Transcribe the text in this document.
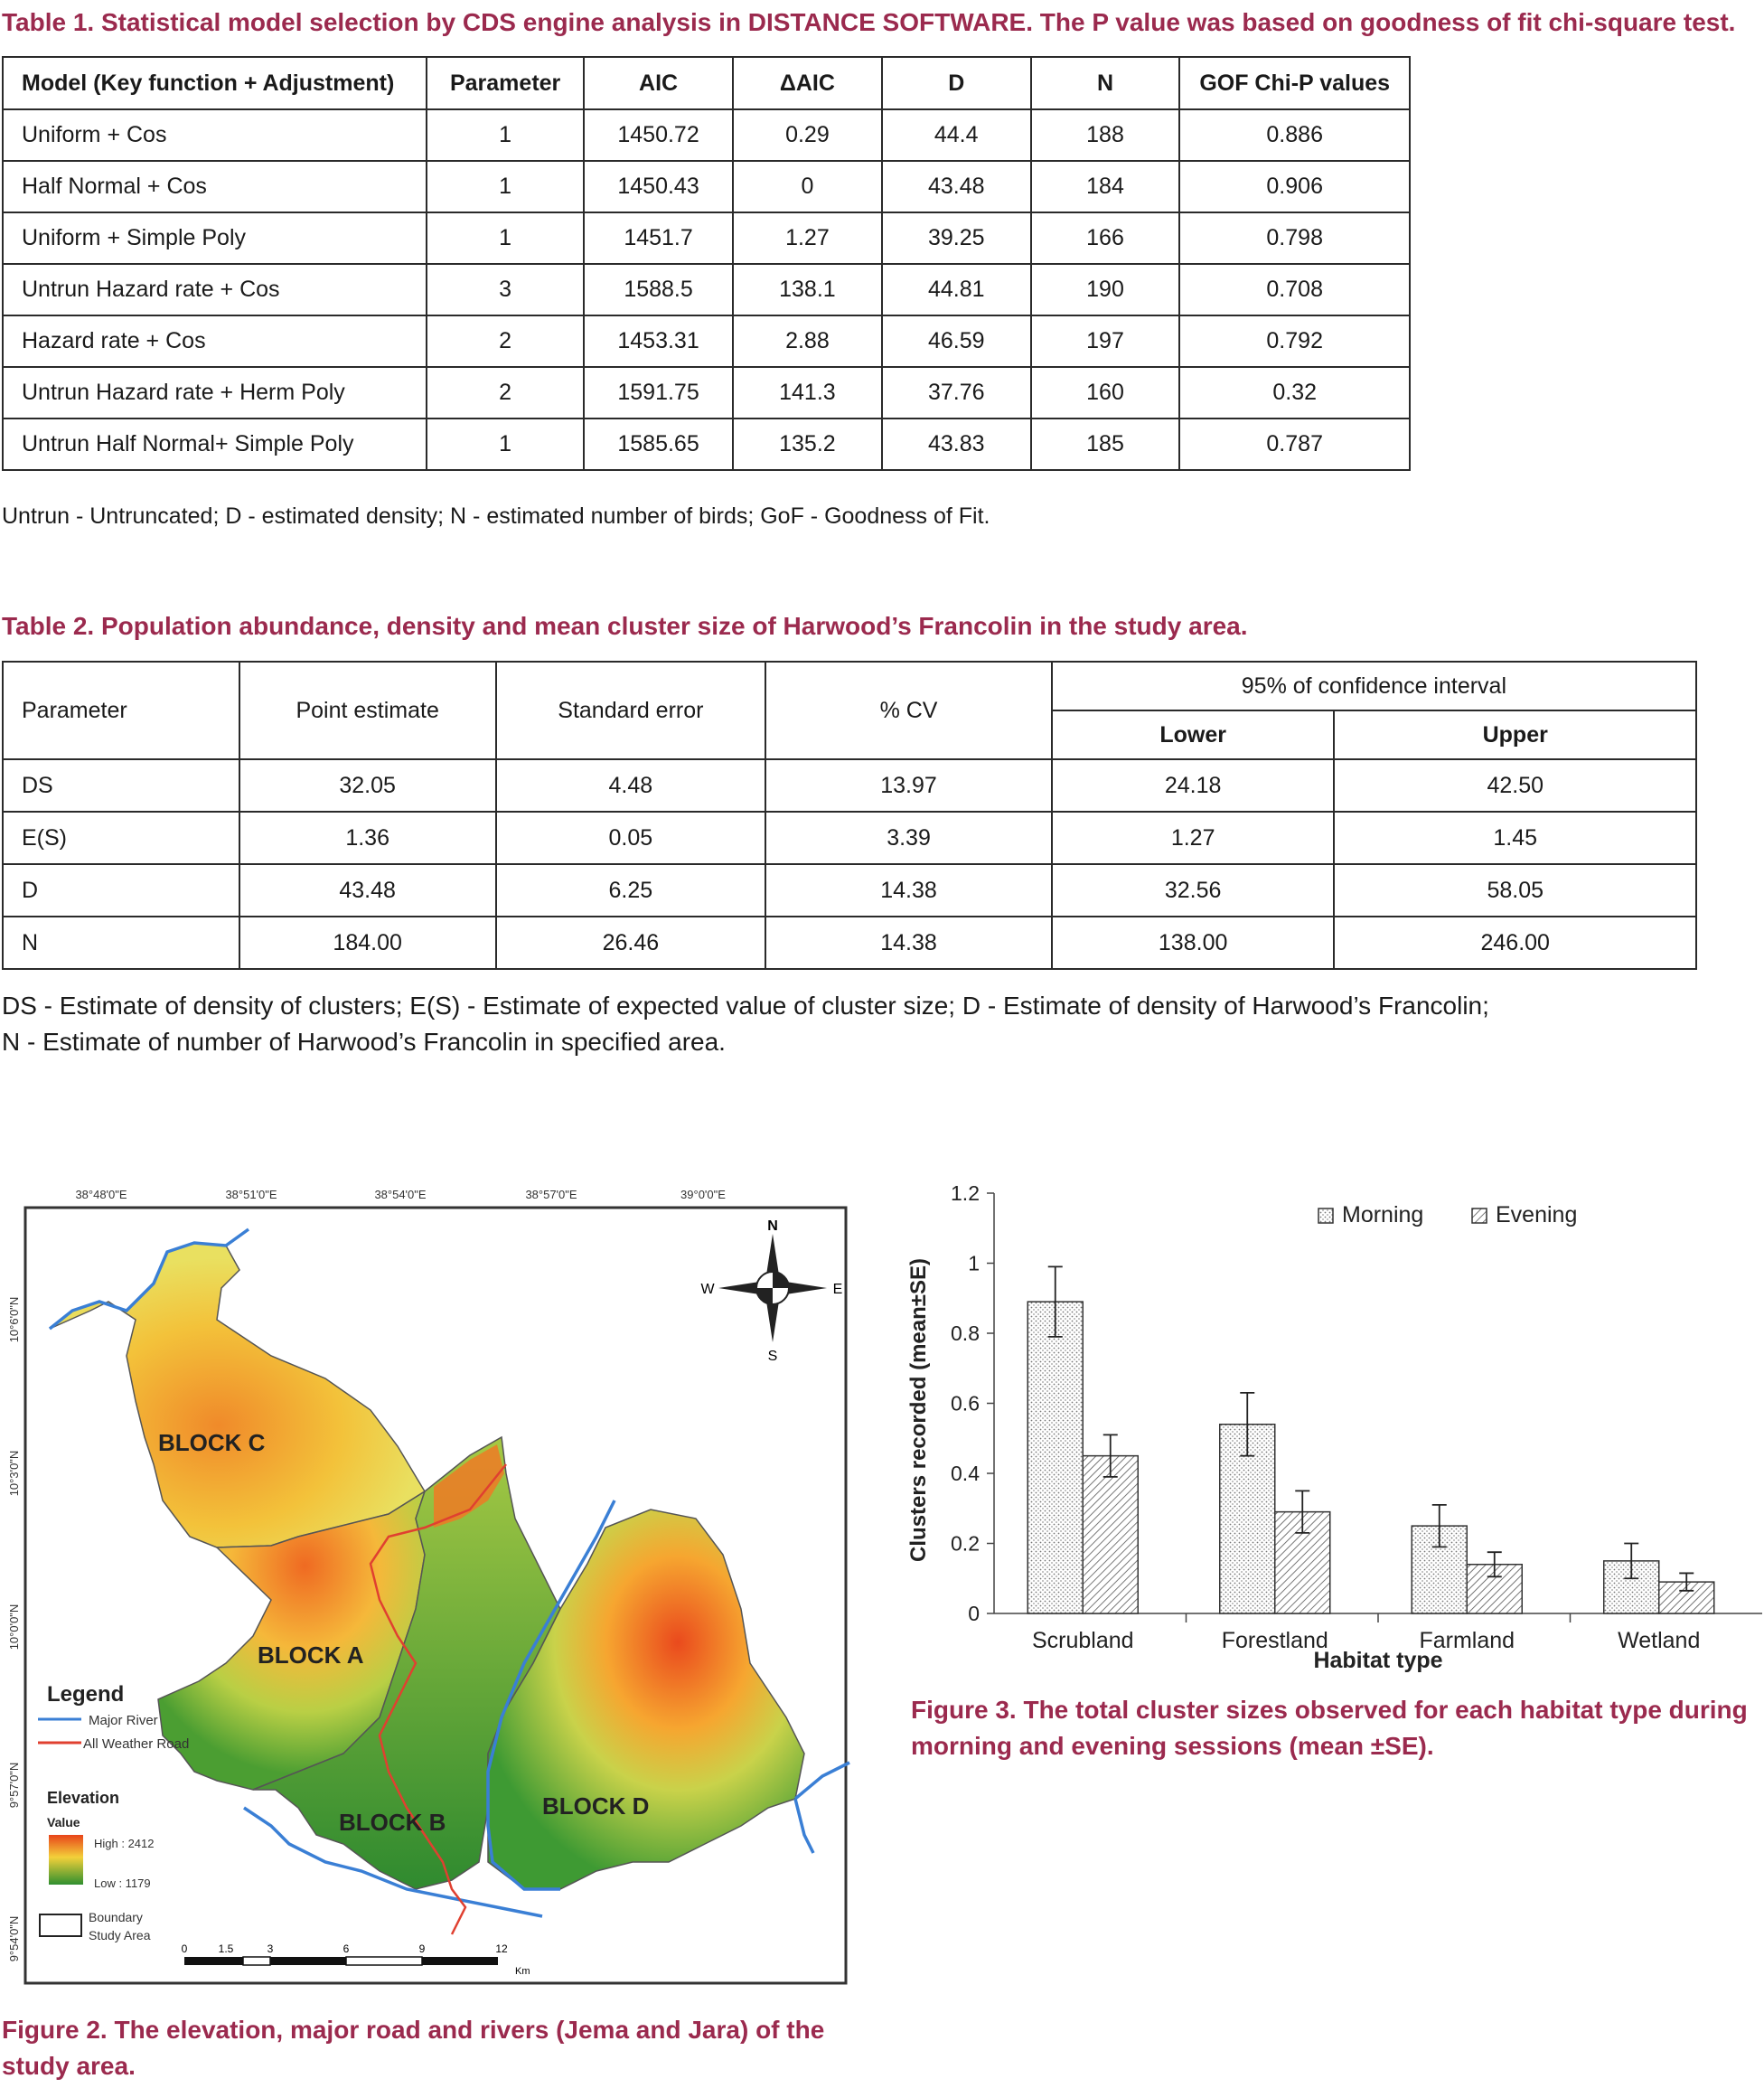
Table 1. Statistical model selection by CDS engine analysis in DISTANCE SOFTWARE. The P value was based on goodness of fit chi-square test.
Model (Key function + Adjustment)	Parameter	AIC	ΔAIC	D	N	GOF Chi-P values
Uniform + Cos	1	1450.72	0.29	44.4	188	0.886
Half Normal + Cos	1	1450.43	0	43.48	184	0.906
Uniform + Simple Poly	1	1451.7	1.27	39.25	166	0.798
Untrun Hazard rate + Cos	3	1588.5	138.1	44.81	190	0.708
Hazard rate + Cos	2	1453.31	2.88	46.59	197	0.792
Untrun Hazard rate + Herm Poly	2	1591.75	141.3	37.76	160	0.32
Untrun Half Normal+ Simple Poly	1	1585.65	135.2	43.83	185	0.787
Untrun - Untruncated; D - estimated density; N - estimated number of birds; GoF - Goodness of Fit.
Table 2. Population abundance, density and mean cluster size of Harwood’s Francolin in the study area.
Parameter	Point estimate	Standard error	% CV	95% of confidence interval	
				Lower	Upper
DS	32.05	4.48	13.97	24.18	42.50
E(S)	1.36	0.05	3.39	1.27	1.45
D	43.48	6.25	14.38	32.56	58.05
N	184.00	26.46	14.38	138.00	246.00
DS - Estimate of density of clusters; E(S) - Estimate of expected value of cluster size; D - Estimate of density of Harwood’s Francolin;
N - Estimate of number of Harwood’s Francolin in specified area.
38°48'0"E	38°51'0"E	38°54'0"E	38°57'0"E	39°0'0"E
10°6'0"N
10°3'0"N
10°0'0"N
9°57'0"N
9°54'0"N
BLOCK C
BLOCK A
BLOCK B
BLOCK D
N
E
S
W
Legend
Major River
All Weather Road
Elevation
Value
High : 2412
Low : 1179
Boundary
Study Area
0	1.5	3	6	9	12
Km
Figure 2. The elevation, major road and rivers (Jema and Jara) of the
study area.
0
0.2
0.4
0.6
0.8
1
1.2
Scrubland	Forestland	Farmland	Wetland
Clusters recorded (mean±SE)
Habitat type
Morning	Evening
Figure 3. The total cluster sizes observed for each habitat type during
morning and evening sessions (mean ±SE).
